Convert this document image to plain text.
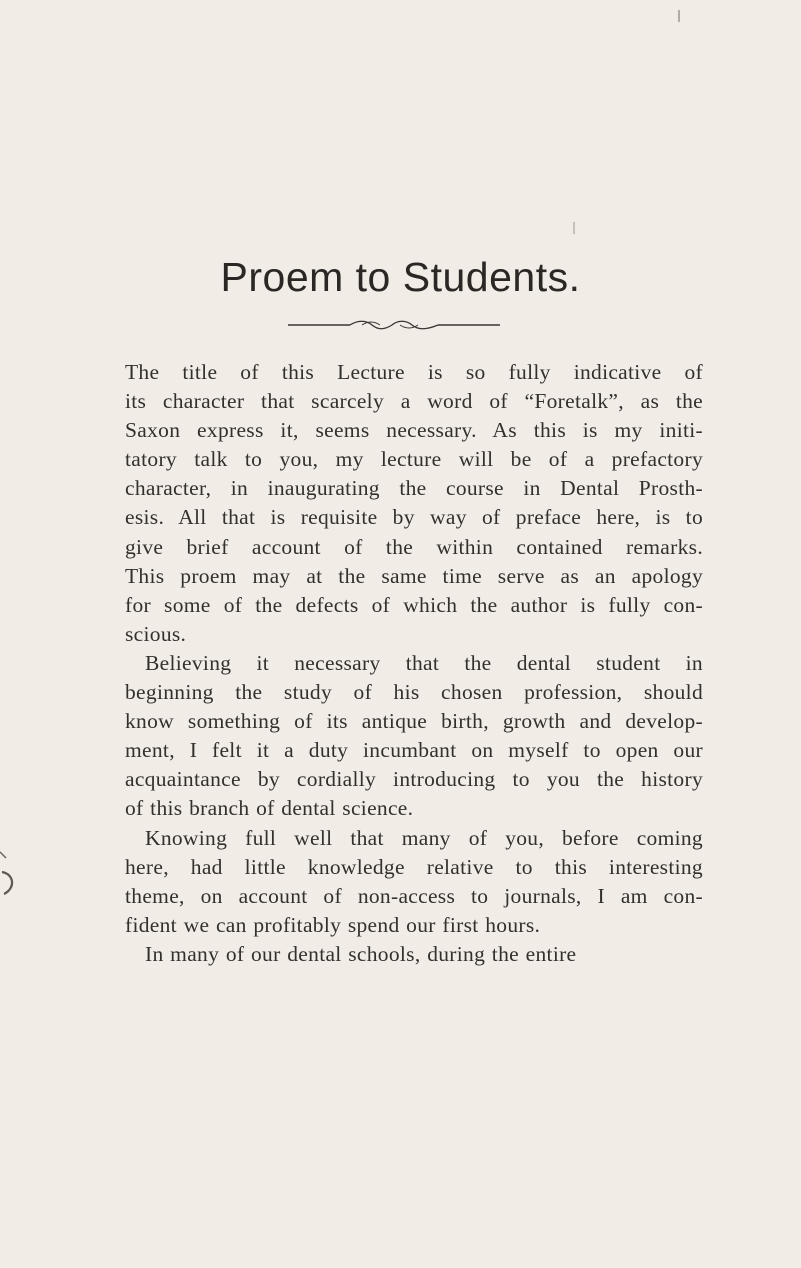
Proem to Students.

The title of this Lecture is so fully indicative of
its character that scarcely a word of “Foretalk”, as the
Saxon express it, seems necessary. As this is my initi-
tatory talk to you, my lecture will be of a prefactory
character, in inaugurating the course in Dental Prosth-
esis. All that is requisite by way of preface here, is to
give brief account of the within contained remarks.
This proem may at the same time serve as an apology
for some of the defects of which the author is fully con-
scious.

Believing it necessary that the dental student in
beginning the study of his chosen profession, should
know something of its antique birth, growth and develop-
ment, I felt it a duty incumbant on myself to open our
acquaintance by cordially introducing to you the history
of this branch of dental science.

Knowing full well that many of you, before coming
here, had little knowledge relative to this interesting
theme, on account of non-access to journals, I am con-
fident we can profitably spend our first hours.

In many of our dental schools, during the entire
